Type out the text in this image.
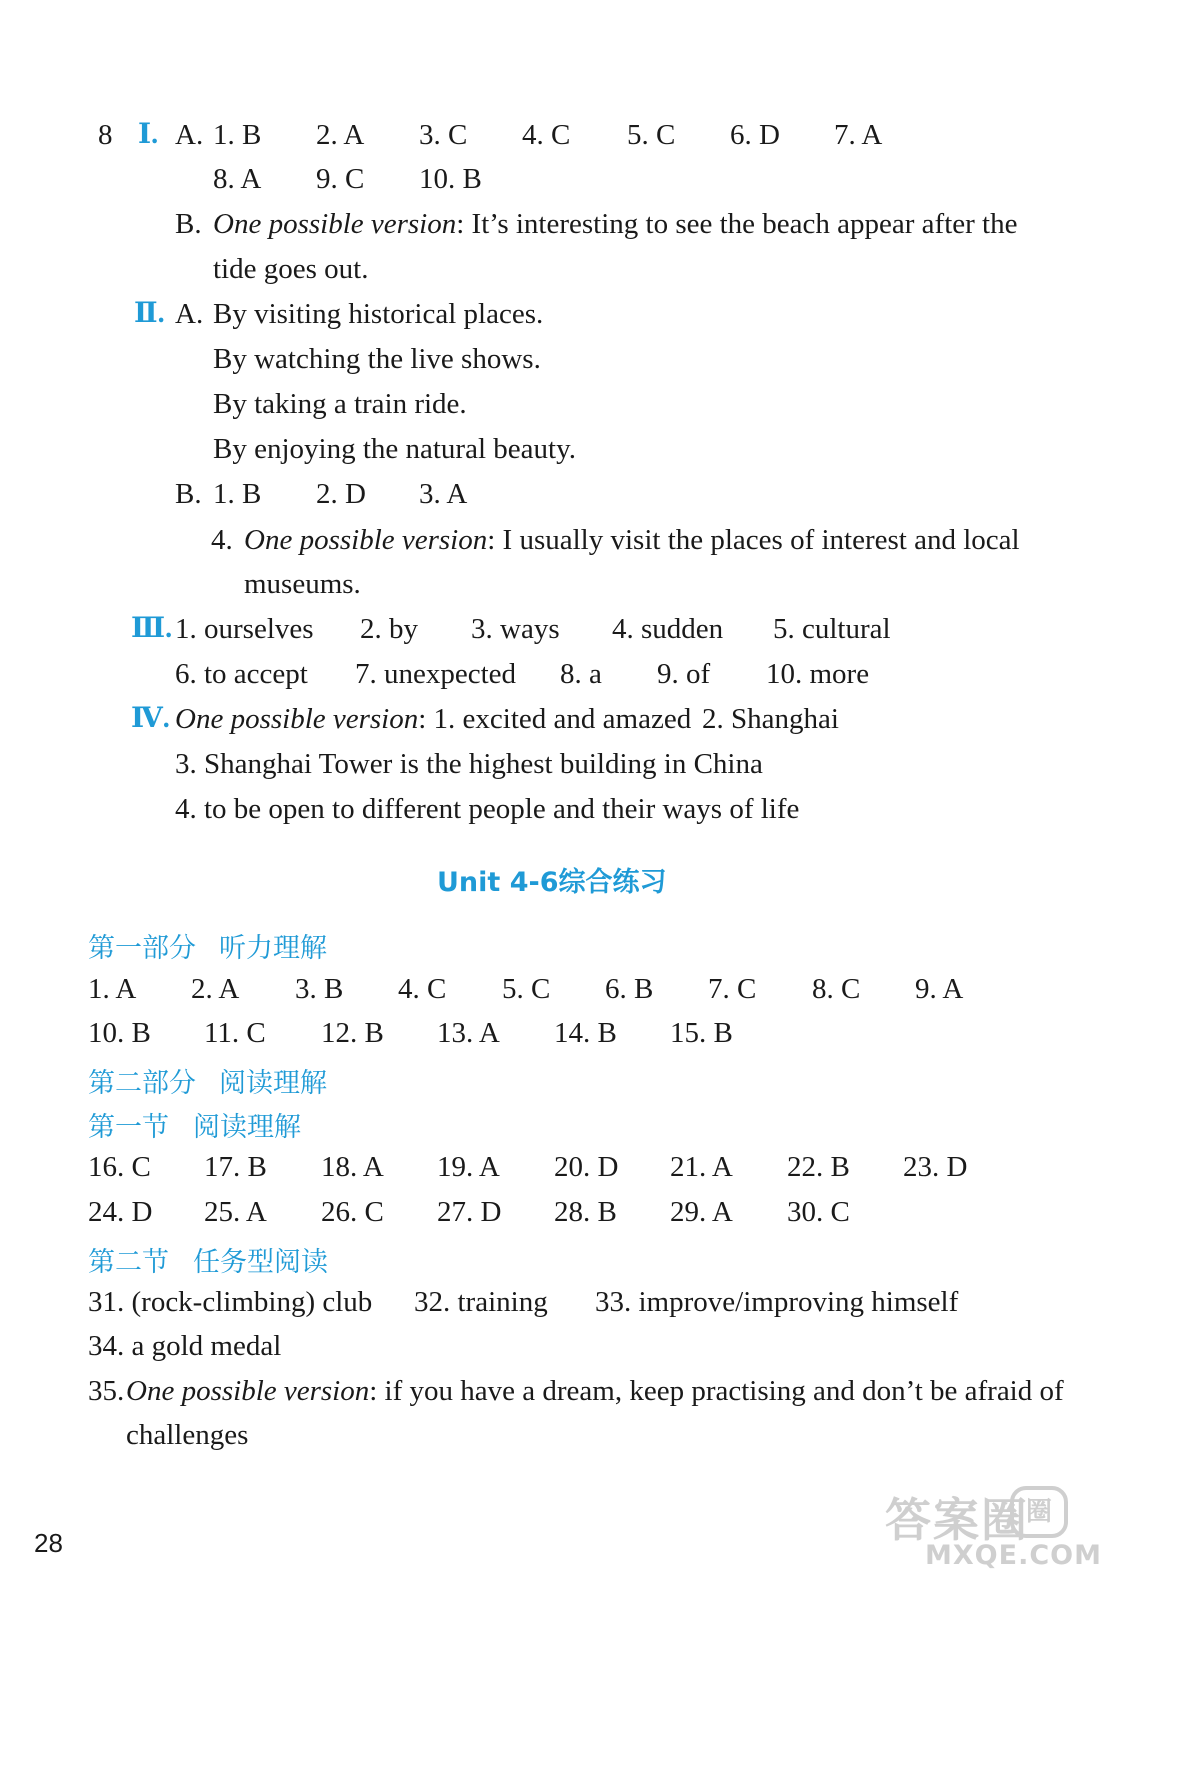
8 Ⅰ. A. 1. B 2. A 3. C 4. C 5. C 6. D 7. A
8. A 9. C 10. B
B. One possible version: It’s interesting to see the beach appear after the
tide goes out.
Ⅱ. A. By visiting historical places.
By watching the live shows.
By taking a train ride.
By enjoying the natural beauty.
B. 1. B 2. D 3. A
4. One possible version: I usually visit the places of interest and local
museums.
Ⅲ. 1. ourselves 2. by 3. ways 4. sudden 5. cultural
6. to accept 7. unexpected 8. a 9. of 10. more
Ⅳ. One possible version: 1. excited and amazed 2. Shanghai
3. Shanghai Tower is the highest building in China
4. to be open to different people and their ways of life
Unit 4-6综合练习
第一部分 听力理解
1. A 2. A 3. B 4. C 5. C 6. B 7. C 8. C 9. A
10. B 11. C 12. B 13. A 14. B 15. B
第二部分 阅读理解
第一节 阅读理解
16. C 17. B 18. A 19. A 20. D 21. A 22. B 23. D
24. D 25. A 26. C 27. D 28. B 29. A 30. C
第二节 任务型阅读
31. (rock-climbing) club 32. training 33. improve/improving himself
34. a gold medal
35. One possible version: if you have a dream, keep practising and don’t be afraid of
challenges
28	答案圈
圈
MXQE.COM
